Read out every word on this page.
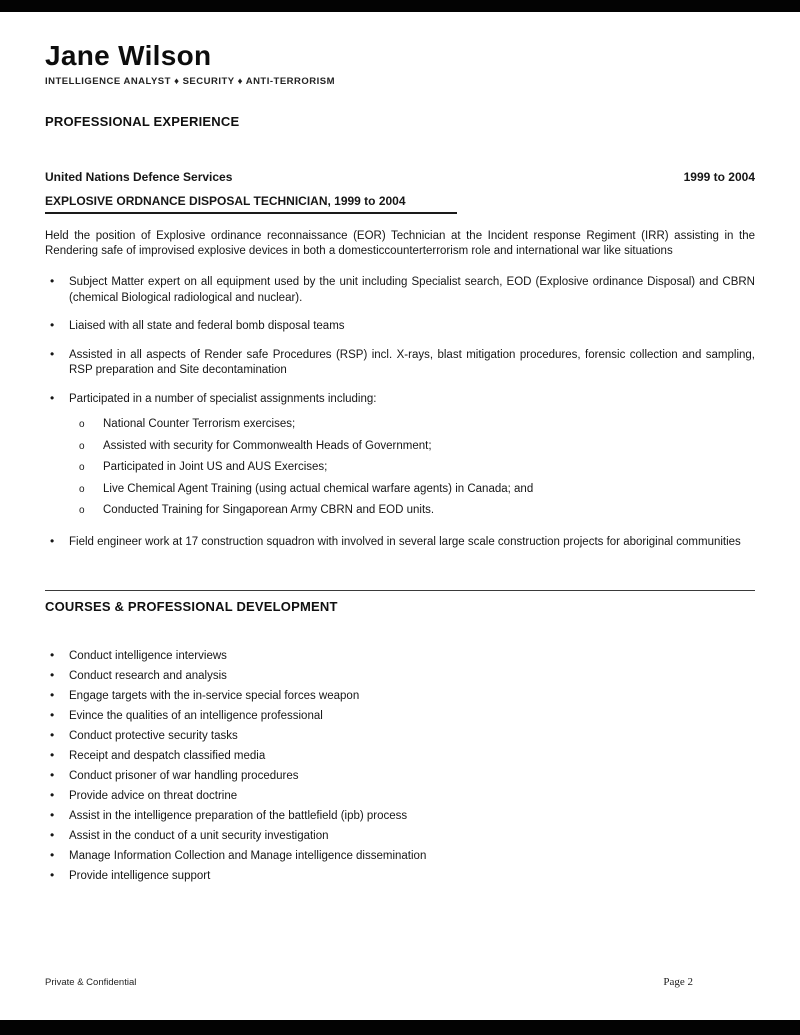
Jane Wilson
INTELLIGENCE ANALYST ♦ SECURITY ♦ ANTI-TERRORISM
PROFESSIONAL EXPERIENCE
United Nations Defence Services	1999 to 2004
EXPLOSIVE ORDNANCE DISPOSAL TECHNICIAN, 1999 to 2004

Held the position of Explosive ordinance reconnaissance (EOR) Technician at the Incident response Regiment (IRR) assisting in the Rendering safe of improvised explosive devices in both a domesticcounterterrorism role and international war like situations

• Subject Matter expert on all equipment used by the unit including Specialist search, EOD (Explosive ordinance Disposal) and CBRN (chemical Biological radiological and nuclear).
• Liaised with all state and federal bomb disposal teams
• Assisted in all aspects of Render safe Procedures (RSP) incl. X-rays, blast mitigation procedures, forensic collection and sampling, RSP preparation and Site decontamination
• Participated in a number of specialist assignments including:
o National Counter Terrorism exercises;
o Assisted with security for Commonwealth Heads of Government;
o Participated in Joint US and AUS Exercises;
o Live Chemical Agent Training (using actual chemical warfare agents) in Canada; and
o Conducted Training for Singaporean Army CBRN and EOD units.
• Field engineer work at 17 construction squadron with involved in several large scale construction projects for aboriginal communities
COURSES & PROFESSIONAL DEVELOPMENT
• Conduct intelligence interviews
• Conduct research and analysis
• Engage targets with the in-service special forces weapon
• Evince the qualities of an intelligence professional
• Conduct protective security tasks
• Receipt and despatch classified media
• Conduct prisoner of war handling procedures
• Provide advice on threat doctrine
• Assist in the intelligence preparation of the battlefield (ipb) process
• Assist in the conduct of a unit security investigation
• Manage Information Collection and Manage intelligence dissemination
• Provide intelligence support
Private & Confidential	Page 2
